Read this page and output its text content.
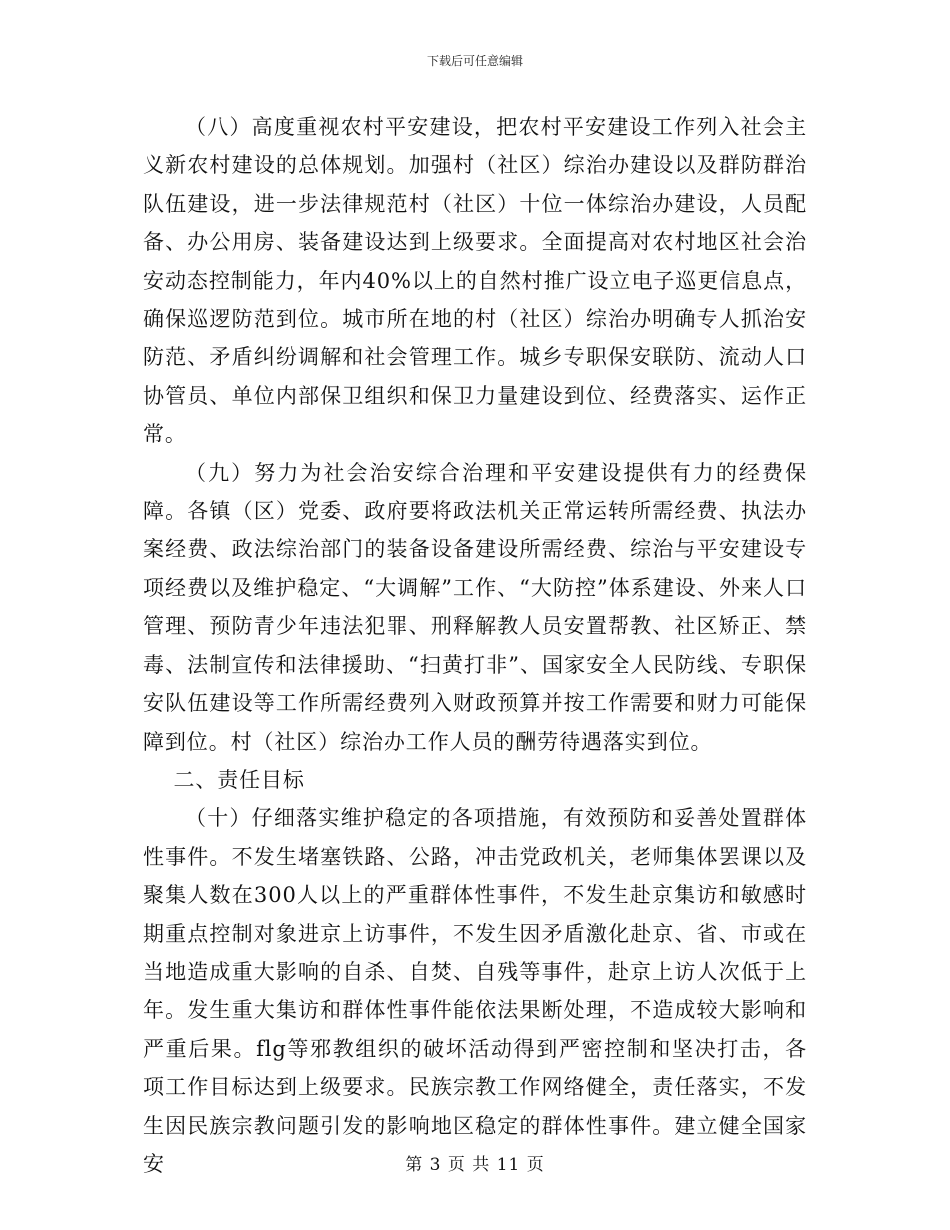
下载后可任意编辑

（八）高度重视农村平安建设，把农村平安建设工作列入社会主义新农村建设的总体规划。加强村（社区）综治办建设以及群防群治队伍建设，进一步法律规范村（社区）十位一体综治办建设，人员配备、办公用房、装备建设达到上级要求。全面提高对农村地区社会治安动态控制能力，年内40%以上的自然村推广设立电子巡更信息点，确保巡逻防范到位。城市所在地的村（社区）综治办明确专人抓治安防范、矛盾纠纷调解和社会管理工作。城乡专职保安联防、流动人口协管员、单位内部保卫组织和保卫力量建设到位、经费落实、运作正常。

（九）努力为社会治安综合治理和平安建设提供有力的经费保障。各镇（区）党委、政府要将政法机关正常运转所需经费、执法办案经费、政法综治部门的装备设备建设所需经费、综治与平安建设专项经费以及维护稳定、“大调解”工作、“大防控”体系建设、外来人口管理、预防青少年违法犯罪、刑释解教人员安置帮教、社区矫正、禁毒、法制宣传和法律援助、“扫黄打非”、国家安全人民防线、专职保安队伍建设等工作所需经费列入财政预算并按工作需要和财力可能保障到位。村（社区）综治办工作人员的酬劳待遇落实到位。

二、责任目标

（十）仔细落实维护稳定的各项措施，有效预防和妥善处置群体性事件。不发生堵塞铁路、公路，冲击党政机关，老师集体罢课以及聚集人数在300人以上的严重群体性事件，不发生赴京集访和敏感时期重点控制对象进京上访事件，不发生因矛盾激化赴京、省、市或在当地造成重大影响的自杀、自焚、自残等事件，赴京上访人次低于上年。发生重大集访和群体性事件能依法果断处理，不造成较大影响和严重后果。flg等邪教组织的破坏活动得到严密控制和坚决打击，各项工作目标达到上级要求。民族宗教工作网络健全，责任落实，不发生因民族宗教问题引发的影响地区稳定的群体性事件。建立健全国家安	第 3 页 共 11 页
